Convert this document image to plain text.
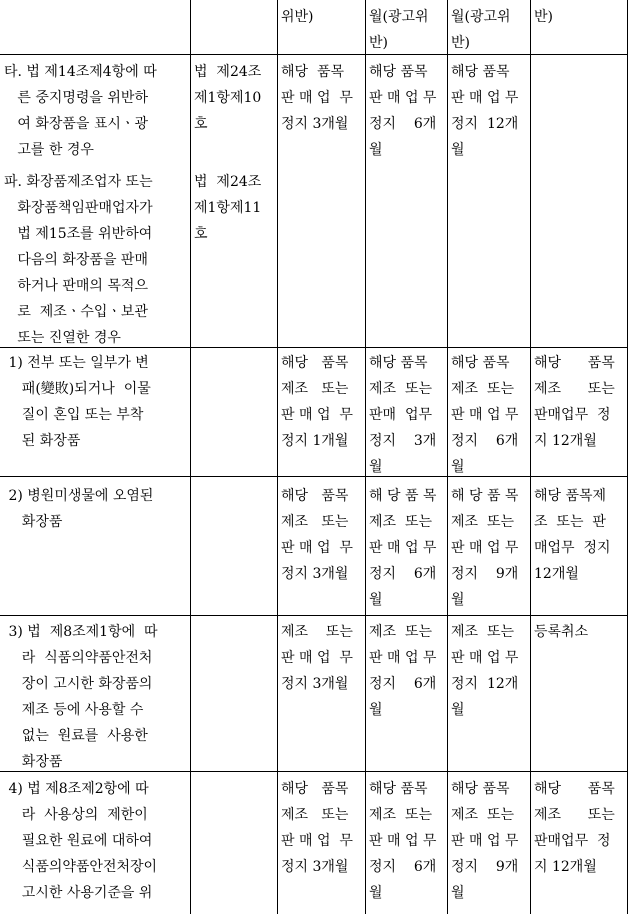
위반)	월(광고위
반)
월(광고위
반)
반)
타. 법 제14조제4항에 따
른 중지명령을 위반하
여 화장품을 표시ㆍ광
고를 한 경우
법  제24조
제1항제10
호
해당  품목
판 매 업  무
정지 3개월
해당 품목
판 매 업 무
정지    6개
월
해당 품목
판 매 업 무
정지  12개
월
파. 화장품제조업자 또는
화장품책임판매업자가
법 제15조를 위반하여
다음의 화장품을 판매
하거나 판매의 목적으
로  제조ㆍ수입ㆍ보관
또는 진열한 경우
법  제24조
제1항제11
호
1) 전부 또는 일부가 변
패(變敗)되거나  이물
질이 혼입 또는 부착
된 화장품
해당   품목
제조   또는
판 매 업  무
정지 1개월
해당 품목
제조  또는
판매  업무
정지    3개
월
해당 품목
제조  또는
판 매 업 무
정지    6개
월
해당      품목
제조      또는
판매업무  정
지 12개월
2) 병원미생물에 오염된
화장품
해당   품목
제조   또는
판 매 업  무
정지 3개월
해 당 품 목
제조  또는
판 매 업 무
정지    6개
월
해 당 품 목
제조  또는
판 매 업 무
정지    9개
월
해당 품목제
조  또는  판
매업무  정지
12개월
3) 법  제8조제1항에  따
라  식품의약품안전처
장이 고시한 화장품의
제조 등에 사용할 수
없는  원료를  사용한
화장품
제조    또는
판 매 업  무
정지 3개월
제조  또는
판 매 업 무
정지    6개
월
제조  또는
판 매 업 무
정지  12개
월
등록취소
4) 법 제8조제2항에 따
라  사용상의  제한이
필요한 원료에 대하여
식품의약품안전처장이
고시한 사용기준을 위
해당   품목
제조   또는
판 매 업  무
정지 3개월
해당 품목
제조  또는
판 매 업 무
정지    6개
월
해당 품목
제조  또는
판 매 업 무
정지    9개
월
해당      품목
제조      또는
판매업무  정
지 12개월
